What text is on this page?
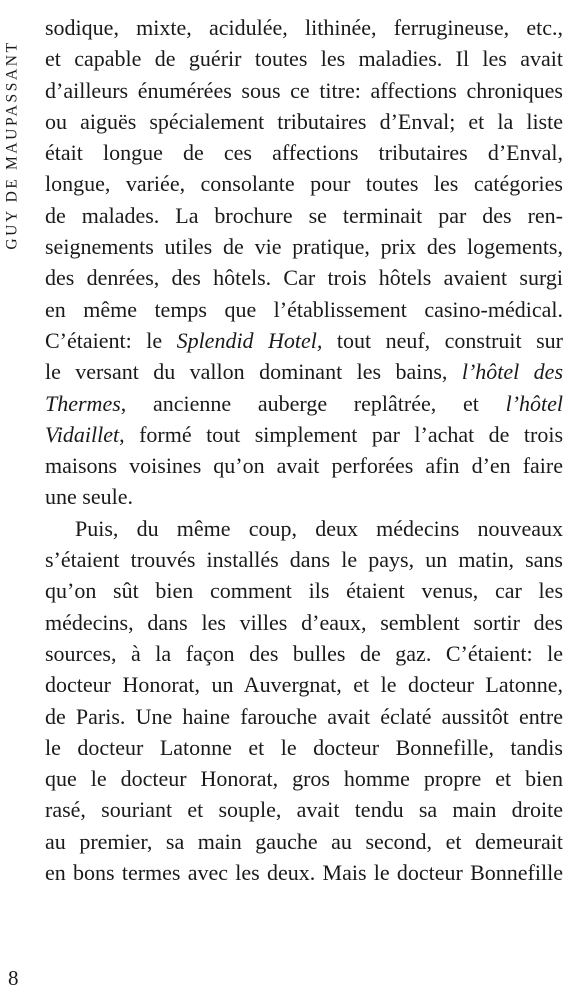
GUY DE MAUPASSANT
sodique, mixte, acidulée, lithinée, ferrugineuse, etc.,
et capable de guérir toutes les maladies. Il les avait
d’ailleurs énumérées sous ce titre: affections chroniques
ou aiguës spécialement tributaires d’Enval; et la liste
était longue de ces affections tributaires d’Enval,
longue, variée, consolante pour toutes les catégories
de malades. La brochure se terminait par des ren-
seignements utiles de vie pratique, prix des logements,
des denrées, des hôtels. Car trois hôtels avaient surgi
en même temps que l’établissement casino-médical.
C’étaient: le Splendid Hotel, tout neuf, construit sur
le versant du vallon dominant les bains, l’hôtel des
Thermes, ancienne auberge replâtrée, et l’hôtel
Vidaillet, formé tout simplement par l’achat de trois
maisons voisines qu’on avait perforées afin d’en faire
une seule.
Puis, du même coup, deux médecins nouveaux
s’étaient trouvés installés dans le pays, un matin, sans
qu’on sût bien comment ils étaient venus, car les
médecins, dans les villes d’eaux, semblent sortir des
sources, à la façon des bulles de gaz. C’étaient: le
docteur Honorat, un Auvergnat, et le docteur Latonne,
de Paris. Une haine farouche avait éclaté aussitôt entre
le docteur Latonne et le docteur Bonnefille, tandis
que le docteur Honorat, gros homme propre et bien
rasé, souriant et souple, avait tendu sa main droite
au premier, sa main gauche au second, et demeurait
en bons termes avec les deux. Mais le docteur Bonnefille
8
